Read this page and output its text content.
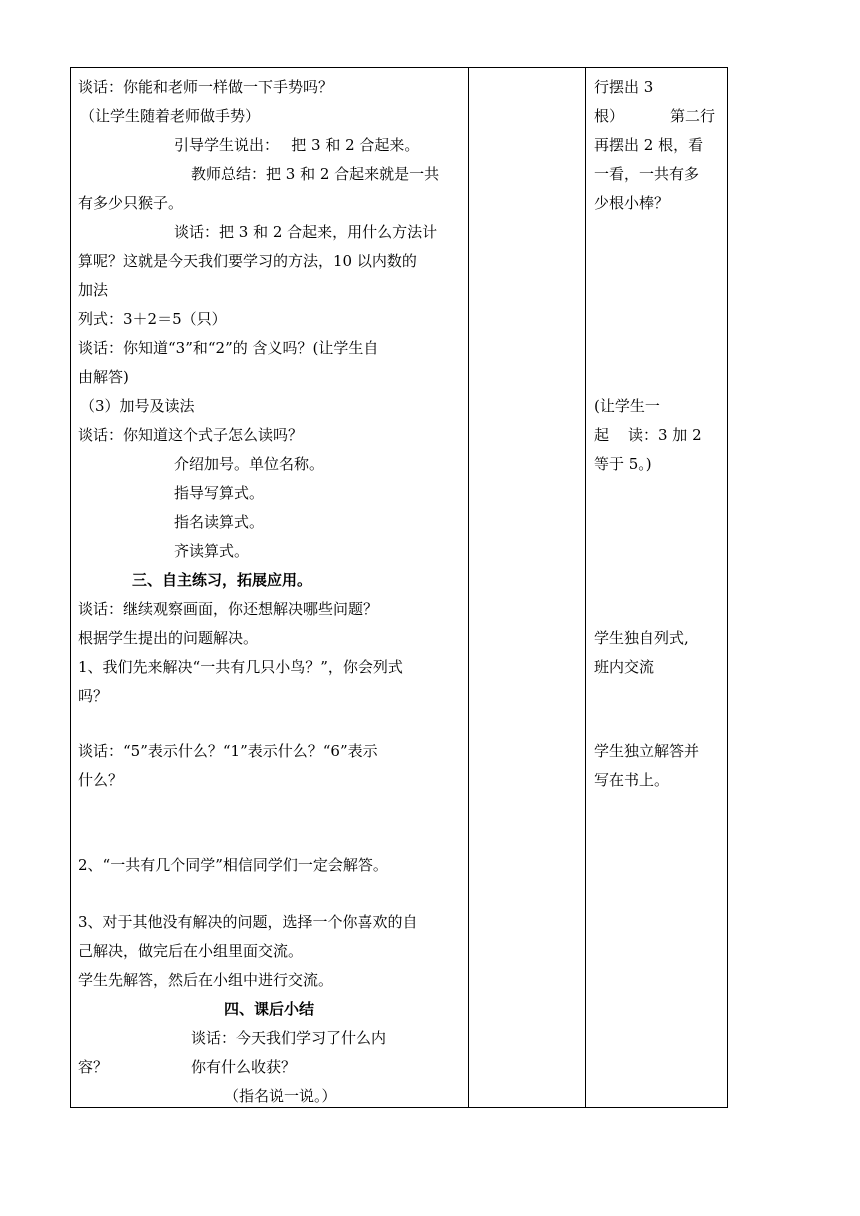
谈话：你能和老师一样做一下手势吗？
（让学生随着老师做手势）
引导学生说出：　 把 3 和 2 合起来。
教师总结：把 3 和 2 合起来就是一共
有多少只猴子。
谈话：把 3 和 2 合起来，用什么方法计
算呢？这就是今天我们要学习的方法，10 以内数的
加法
列式：3＋2＝5（只）
谈话：你知道“3”和“2”的 含义吗？(让学生自
由解答)
（3）加号及读法
谈话：你知道这个式子怎么读吗？
介绍加号。单位名称。
指导写算式。
指名读算式。
齐读算式。
三、自主练习，拓展应用。
谈话：继续观察画面，你还想解决哪些问题？
根据学生提出的问题解决。
1、我们先来解决“一共有几只小鸟？”，你会列式
吗？
谈话：“5”表示什么？“1”表示什么？“6”表示
什么？
2、“一共有几个同学”相信同学们一定会解答。
3、对于其他没有解决的问题，选择一个你喜欢的自
己解决，做完后在小组里面交流。
学生先解答，然后在小组中进行交流。
四、课后小结
谈话：今天我们学习了什么内
容？	你有什么收获？
（指名说一说。）
行摆出 3
根）	第二行
再摆出 2 根，看
一看，一共有多
少根小棒？
(让学生一
起 读：3 加 2
等于 5。)
学生独自列式,
班内交流
学生独立解答并
写在书上。
